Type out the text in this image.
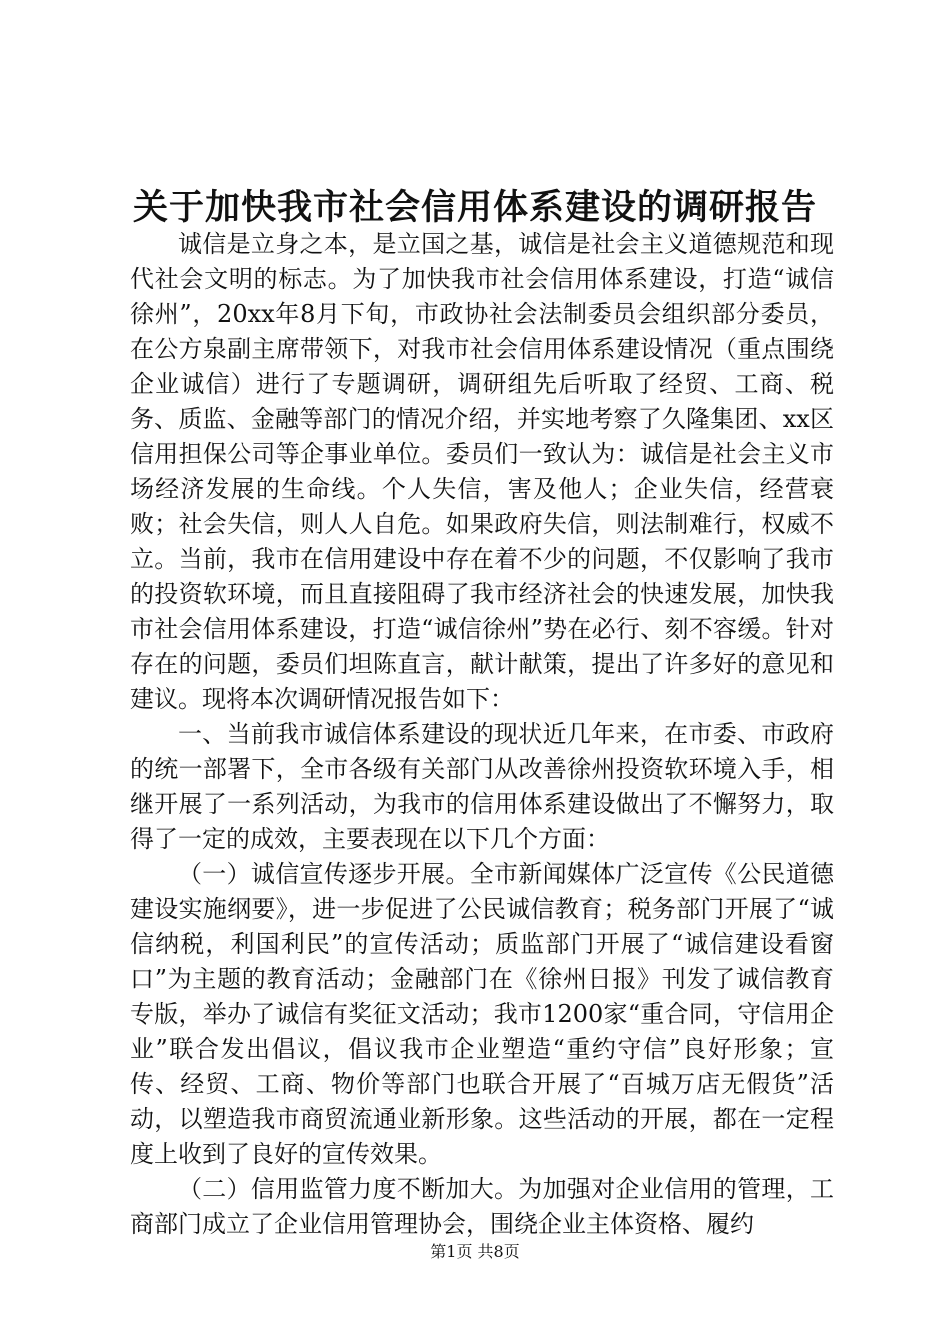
关于加快我市社会信用体系建设的调研报告

诚信是立身之本，是立国之基，诚信是社会主义道德规范和现代社会文明的标志。为了加快我市社会信用体系建设，打造“诚信徐州”，20xx年8月下旬，市政协社会法制委员会组织部分委员，在公方泉副主席带领下，对我市社会信用体系建设情况（重点围绕企业诚信）进行了专题调研，调研组先后听取了经贸、工商、税务、质监、金融等部门的情况介绍，并实地考察了久隆集团、xx区信用担保公司等企事业单位。委员们一致认为：诚信是社会主义市场经济发展的生命线。个人失信，害及他人；企业失信，经营衰败；社会失信，则人人自危。如果政府失信，则法制难行，权威不立。当前，我市在信用建设中存在着不少的问题，不仅影响了我市的投资软环境，而且直接阻碍了我市经济社会的快速发展，加快我市社会信用体系建设，打造“诚信徐州”势在必行、刻不容缓。针对存在的问题，委员们坦陈直言，献计献策，提出了许多好的意见和建议。现将本次调研情况报告如下：

一、当前我市诚信体系建设的现状近几年来，在市委、市政府的统一部署下，全市各级有关部门从改善徐州投资软环境入手，相继开展了一系列活动，为我市的信用体系建设做出了不懈努力，取得了一定的成效，主要表现在以下几个方面：

（一）诚信宣传逐步开展。全市新闻媒体广泛宣传《公民道德建设实施纲要》，进一步促进了公民诚信教育；税务部门开展了“诚信纳税，利国利民”的宣传活动；质监部门开展了“诚信建设看窗口”为主题的教育活动；金融部门在《徐州日报》刊发了诚信教育专版，举办了诚信有奖征文活动；我市1200家“重合同，守信用企业”联合发出倡议，倡议我市企业塑造“重约守信”良好形象；宣传、经贸、工商、物价等部门也联合开展了“百城万店无假货”活动，以塑造我市商贸流通业新形象。这些活动的开展，都在一定程度上收到了良好的宣传效果。

（二）信用监管力度不断加大。为加强对企业信用的管理，工商部门成立了企业信用管理协会，围绕企业主体资格、履约

第1页 共8页
